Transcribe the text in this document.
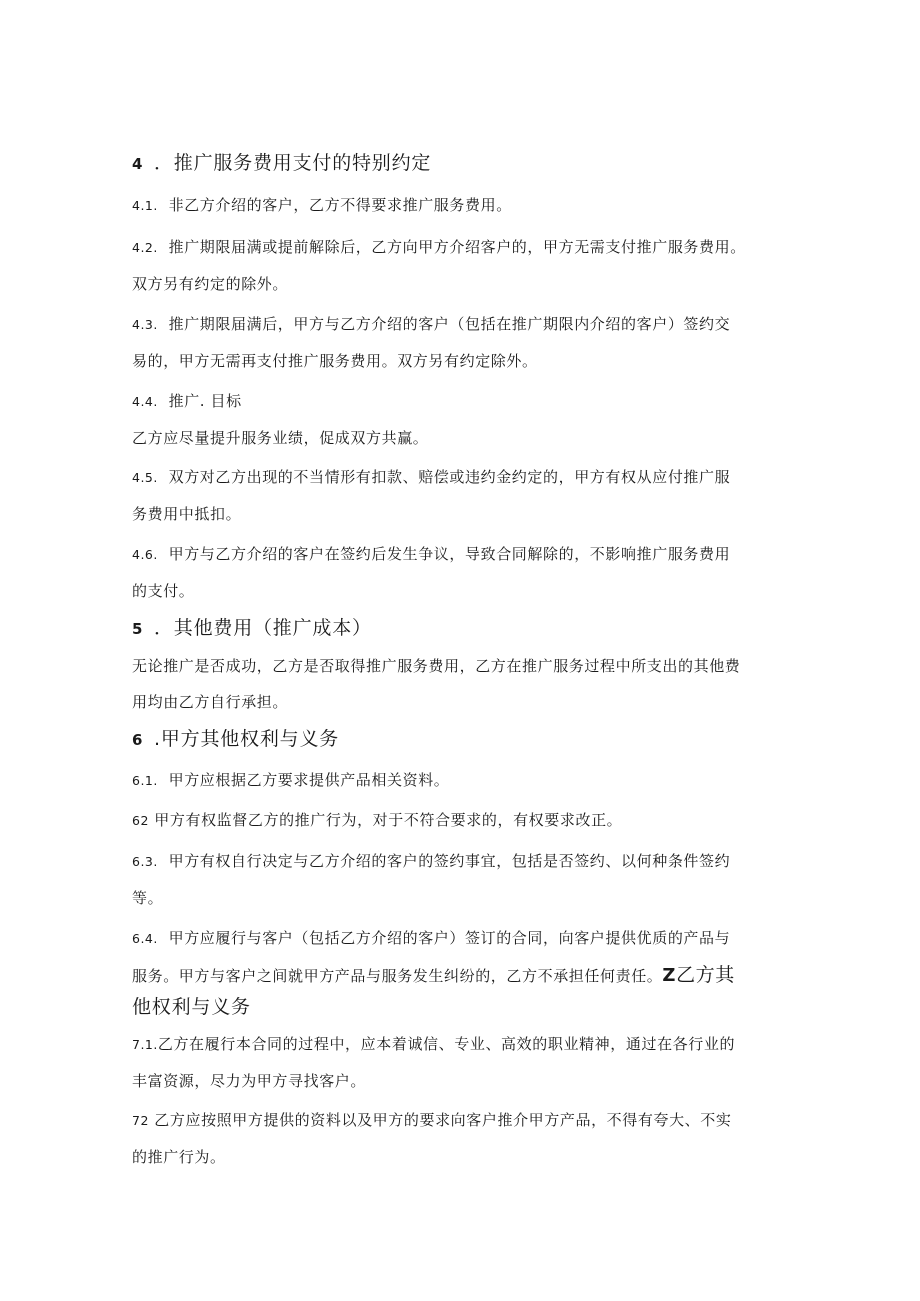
4 ．推广服务费用支付的特别约定
4.1. 非乙方介绍的客户，乙方不得要求推广服务费用。
4.2. 推广期限届满或提前解除后，乙方向甲方介绍客户的，甲方无需支付推广服务费用。
双方另有约定的除外。
4.3. 推广期限届满后，甲方与乙方介绍的客户（包括在推广期限内介绍的客户）签约交
易的，甲方无需再支付推广服务费用。双方另有约定除外。
4.4. 推广. 目标
乙方应尽量提升服务业绩，促成双方共赢。
4.5. 双方对乙方出现的不当情形有扣款、赔偿或违约金约定的，甲方有权从应付推广服
务费用中抵扣。
4.6. 甲方与乙方介绍的客户在签约后发生争议，导致合同解除的，不影响推广服务费用
的支付。
5 ．其他费用（推广成本）
无论推广是否成功，乙方是否取得推广服务费用，乙方在推广服务过程中所支出的其他费
用均由乙方自行承担。
6 .甲方其他权利与义务
6.1. 甲方应根据乙方要求提供产品相关资料。
62 甲方有权监督乙方的推广行为，对于不符合要求的，有权要求改正。
6.3. 甲方有权自行决定与乙方介绍的客户的签约事宜，包括是否签约、以何种条件签约
等。
6.4. 甲方应履行与客户（包括乙方介绍的客户）签订的合同，向客户提供优质的产品与
服务。甲方与客户之间就甲方产品与服务发生纠纷的，乙方不承担任何责任。Z乙方其
他权利与义务
7.1.乙方在履行本合同的过程中，应本着诚信、专业、高效的职业精神，通过在各行业的
丰富资源，尽力为甲方寻找客户。
72 乙方应按照甲方提供的资料以及甲方的要求向客户推介甲方产品，不得有夸大、不实
的推广行为。
